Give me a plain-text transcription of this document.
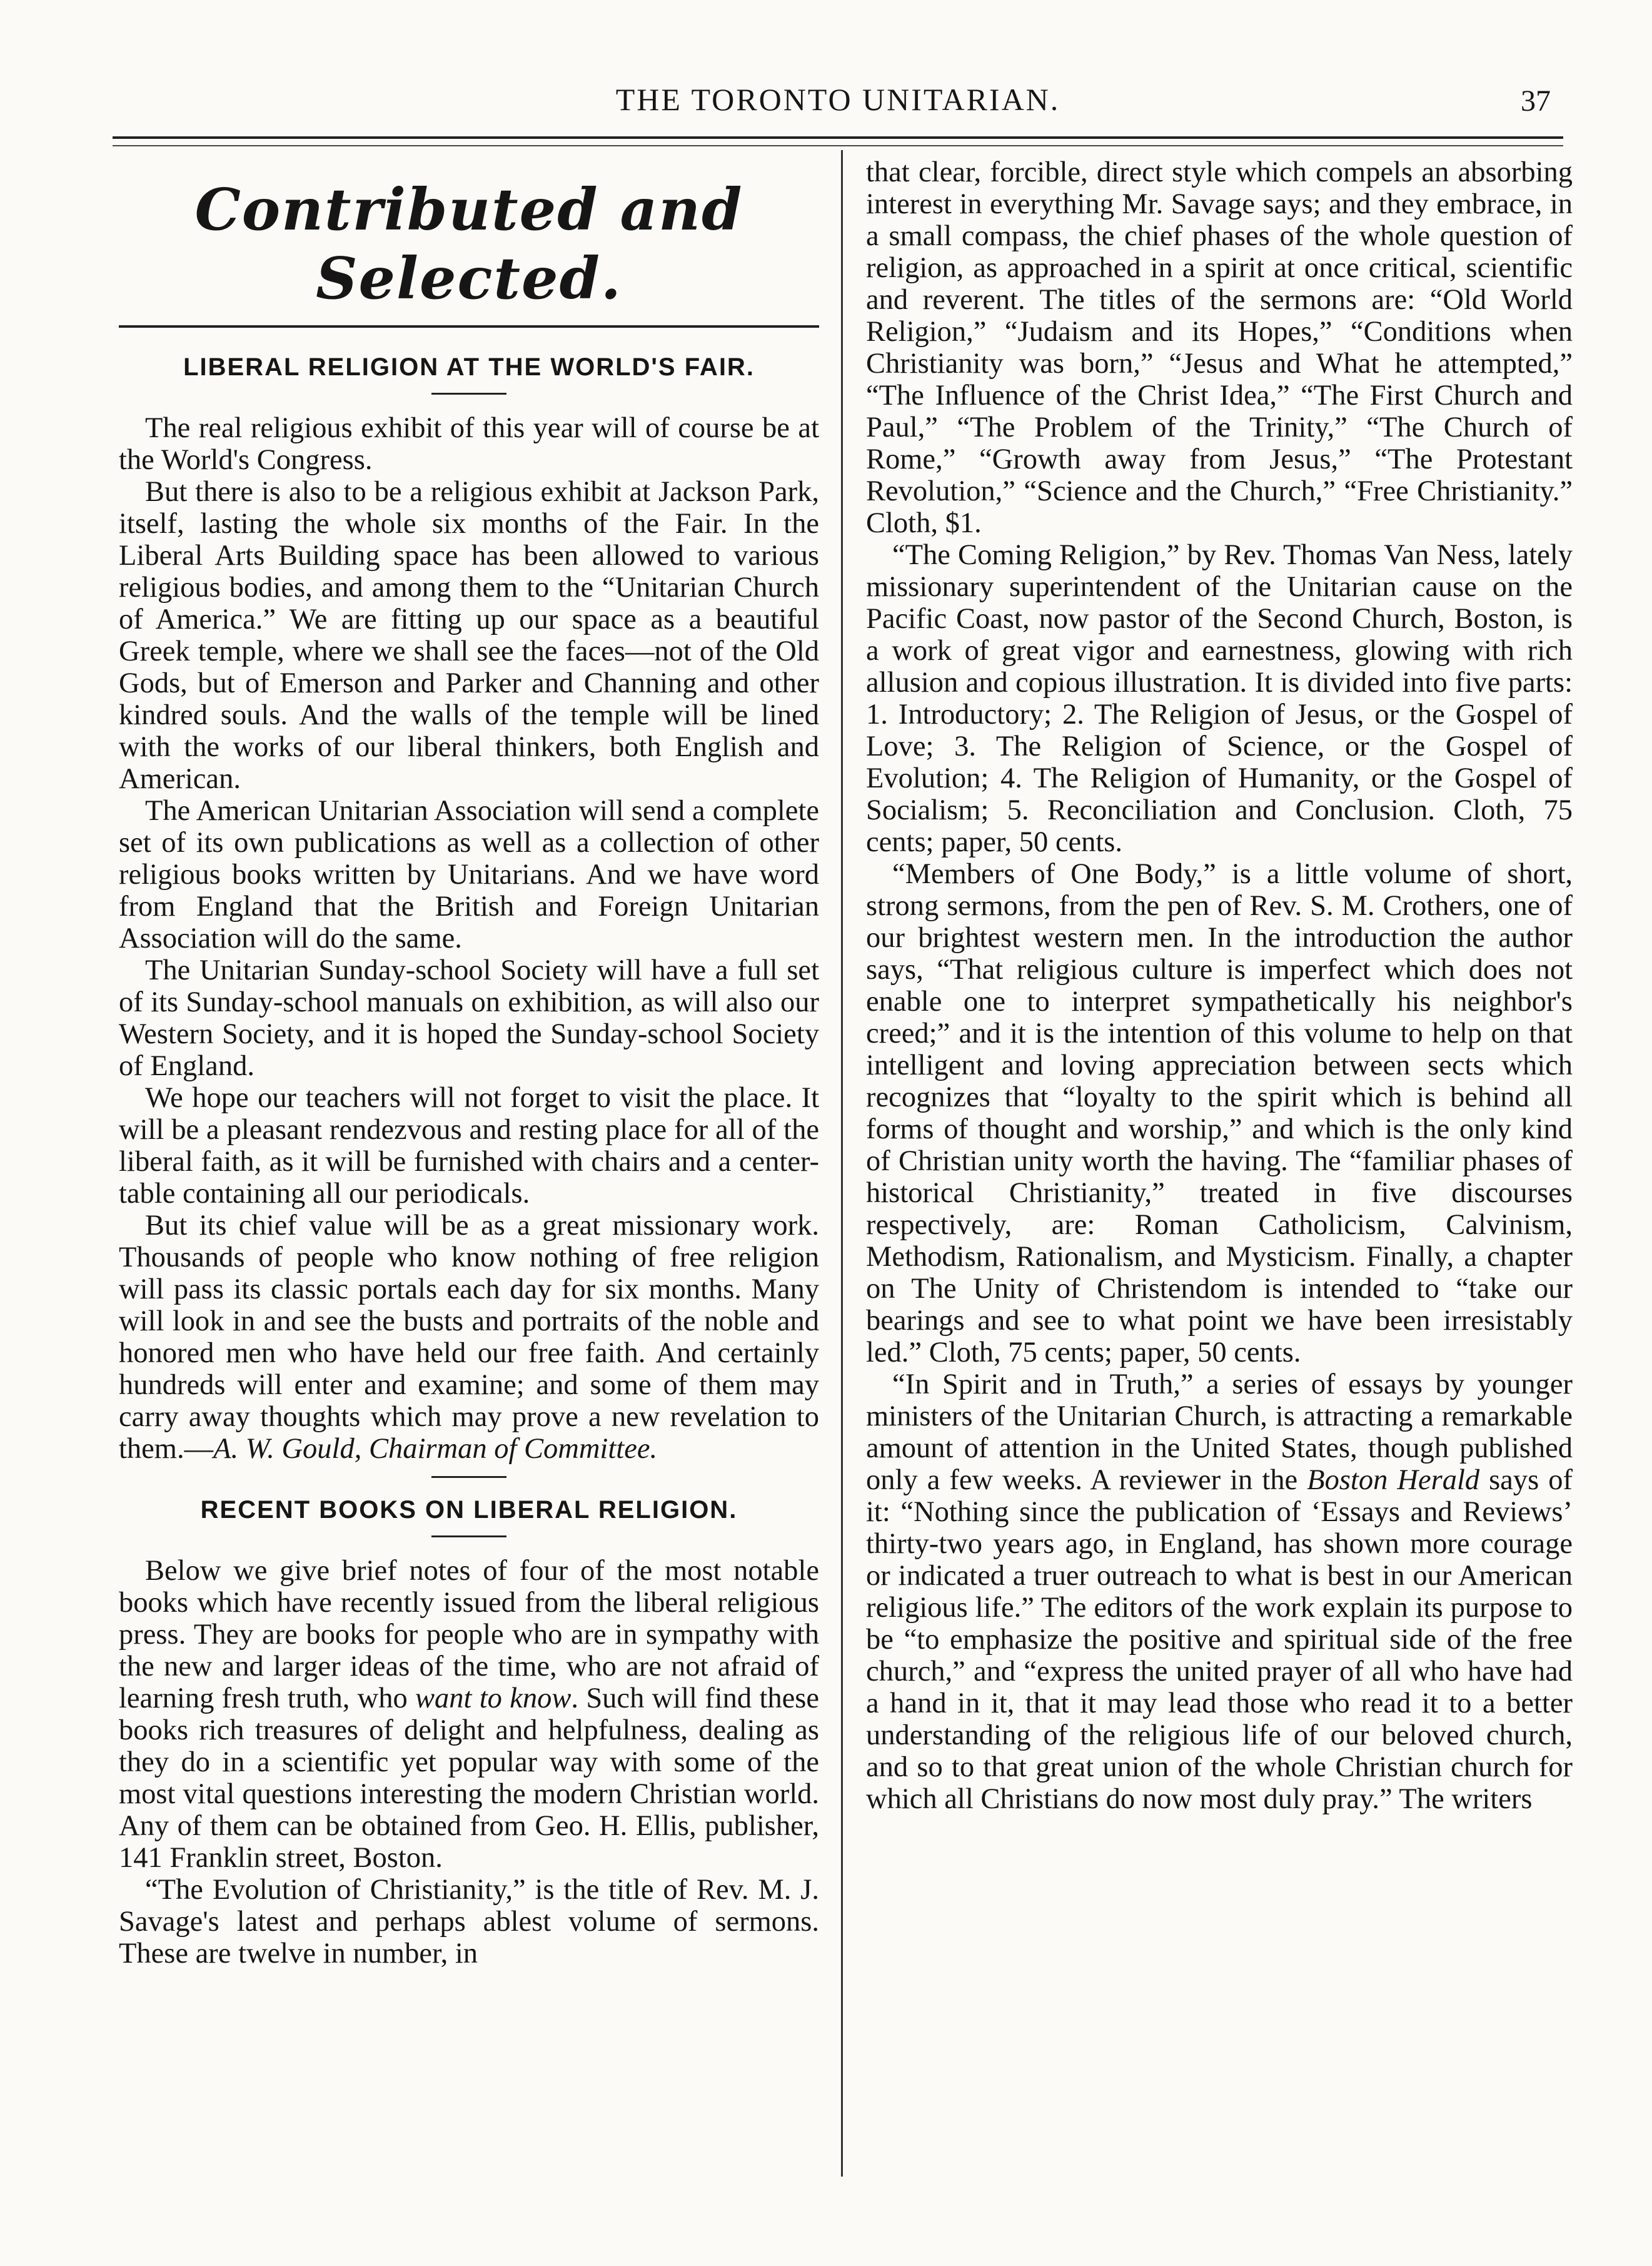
THE TORONTO UNITARIAN.	37
Contributed and Selected.
LIBERAL RELIGION AT THE WORLD'S FAIR.

The real religious exhibit of this year will of course be at the World's Congress.

But there is also to be a religious exhibit at Jackson Park, itself, lasting the whole six months of the Fair. In the Liberal Arts Building space has been allowed to various religious bodies, and among them to the “Unitarian Church of America.” We are fitting up our space as a beautiful Greek temple, where we shall see the faces—not of the Old Gods, but of Emerson and Parker and Channing and other kindred souls. And the walls of the temple will be lined with the works of our liberal thinkers, both English and American.

The American Unitarian Association will send a complete set of its own publications as well as a collection of other religious books written by Unitarians. And we have word from England that the British and Foreign Unitarian Association will do the same.

The Unitarian Sunday-school Society will have a full set of its Sunday-school manuals on exhibition, as will also our Western Society, and it is hoped the Sunday-school Society of England.

We hope our teachers will not forget to visit the place. It will be a pleasant rendezvous and resting place for all of the liberal faith, as it will be furnished with chairs and a center-table containing all our periodicals.

But its chief value will be as a great missionary work. Thousands of people who know nothing of free religion will pass its classic portals each day for six months. Many will look in and see the busts and portraits of the noble and honored men who have held our free faith. And certainly hundreds will enter and examine; and some of them may carry away thoughts which may prove a new revelation to them.—A. W. Gould, Chairman of Committee.

RECENT BOOKS ON LIBERAL RELIGION.

Below we give brief notes of four of the most notable books which have recently issued from the liberal religious press. They are books for people who are in sympathy with the new and larger ideas of the time, who are not afraid of learning fresh truth, who want to know. Such will find these books rich treasures of delight and helpfulness, dealing as they do in a scientific yet popular way with some of the most vital questions interesting the modern Christian world. Any of them can be obtained from Geo. H. Ellis, publisher, 141 Franklin street, Boston.

“The Evolution of Christianity,” is the title of Rev. M. J. Savage's latest and perhaps ablest volume of sermons. These are twelve in number, in

that clear, forcible, direct style which compels an absorbing interest in everything Mr. Savage says; and they embrace, in a small compass, the chief phases of the whole question of religion, as approached in a spirit at once critical, scientific and reverent. The titles of the sermons are: “Old World Religion,” “Judaism and its Hopes,” “Conditions when Christianity was born,” “Jesus and What he attempted,” “The Influence of the Christ Idea,” “The First Church and Paul,” “The Problem of the Trinity,” “The Church of Rome,” “Growth away from Jesus,” “The Protestant Revolution,” “Science and the Church,” “Free Christianity.” Cloth, $1.

“The Coming Religion,” by Rev. Thomas Van Ness, lately missionary superintendent of the Unitarian cause on the Pacific Coast, now pastor of the Second Church, Boston, is a work of great vigor and earnestness, glowing with rich allusion and copious illustration. It is divided into five parts: 1. Introductory; 2. The Religion of Jesus, or the Gospel of Love; 3. The Religion of Science, or the Gospel of Evolution; 4. The Religion of Humanity, or the Gospel of Socialism; 5. Reconciliation and Conclusion. Cloth, 75 cents; paper, 50 cents.

“Members of One Body,” is a little volume of short, strong sermons, from the pen of Rev. S. M. Crothers, one of our brightest western men. In the introduction the author says, “That religious culture is imperfect which does not enable one to interpret sympathetically his neighbor's creed;” and it is the intention of this volume to help on that intelligent and loving appreciation between sects which recognizes that “loyalty to the spirit which is behind all forms of thought and worship,” and which is the only kind of Christian unity worth the having. The “familiar phases of historical Christianity,” treated in five discourses respectively, are: Roman Catholicism, Calvinism, Methodism, Rationalism, and Mysticism. Finally, a chapter on The Unity of Christendom is intended to “take our bearings and see to what point we have been irresistably led.” Cloth, 75 cents; paper, 50 cents.

“In Spirit and in Truth,” a series of essays by younger ministers of the Unitarian Church, is attracting a remarkable amount of attention in the United States, though published only a few weeks. A reviewer in the Boston Herald says of it: “Nothing since the publication of ‘Essays and Reviews’ thirty-two years ago, in England, has shown more courage or indicated a truer outreach to what is best in our American religious life.” The editors of the work explain its purpose to be “to emphasize the positive and spiritual side of the free church,” and “express the united prayer of all who have had a hand in it, that it may lead those who read it to a better understanding of the religious life of our beloved church, and so to that great union of the whole Christian church for which all Christians do now most duly pray.” The writers
